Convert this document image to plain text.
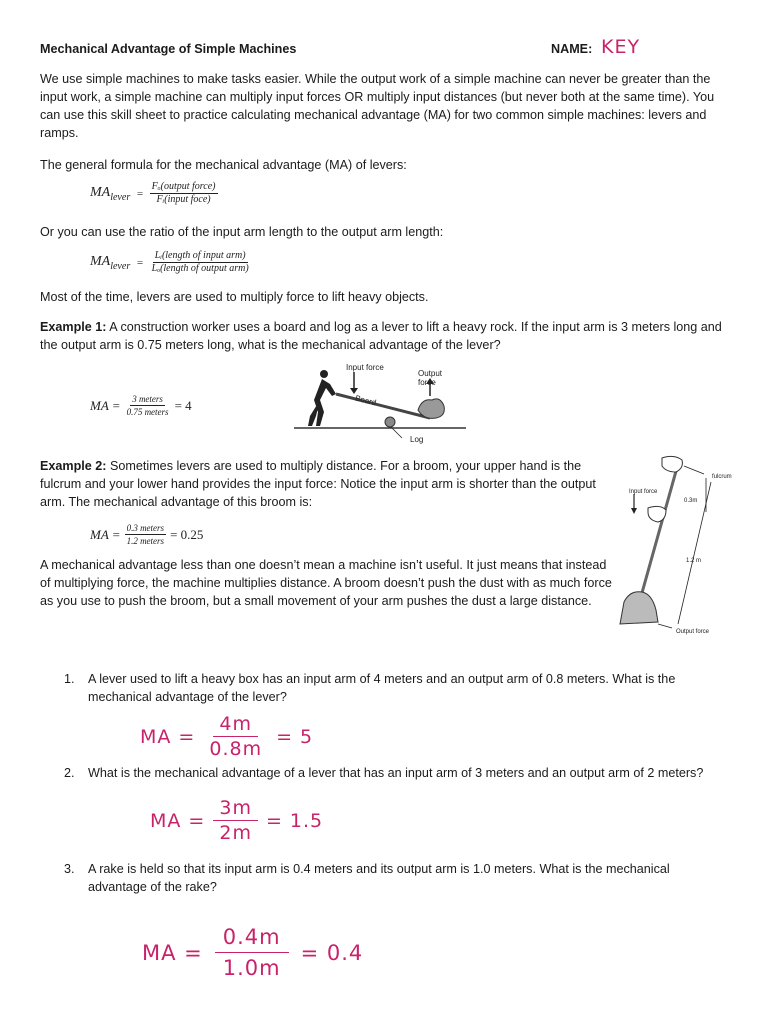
Mechanical Advantage of Simple Machines	NAME: KEY
We use simple machines to make tasks easier. While the output work of a simple machine can never be greater than the input work, a simple machine can multiply input forces OR multiply input distances (but never both at the same time). You can use this skill sheet to practice calculating mechanical advantage (MA) for two common simple machines: levers and ramps.
The general formula for the mechanical advantage (MA) of levers:
$MA_{lever} = \frac{\text{Fₒ(output force)}}{\text{Fᵢ(input foce)}}$
Or you can use the ratio of the input arm length to the output arm length:
$MA_{lever} = \frac{\text{Lᵢ(length of input arm)}}{\text{Lₒ(length of output arm)}}$
Most of the time, levers are used to multiply force to lift heavy objects.
Example 1: A construction worker uses a board and log as a lever to lift a heavy rock. If the input arm is 3 meters long and the output arm is 0.75 meters long, what is the mechanical advantage of the lever?
MA = $\frac{\text{3 meters}}{\text{0.75 meters}} = 4$
Input force
Output force
Board
Log
Example 2: Sometimes levers are used to multiply distance. For a broom, your upper hand is the fulcrum and your lower hand provides the input force: Notice the input arm is shorter than the output arm. The mechanical advantage of this broom is:
MA = $\frac{\text{0.3 meters}}{\text{1.2 meters}} = 0.25$
A mechanical advantage less than one doesn’t mean a machine isn’t useful. It just means that instead of multiplying force, the machine multiplies distance. A broom doesn’t push the dust with as much force as you use to push the broom, but a small movement of your arm pushes the dust a large distance.
fulcrum
Input force
0.3m
1.2 m
Output force
1. A lever used to lift a heavy box has an input arm of 4 meters and an output arm of 0.8 meters. What is the mechanical advantage of the lever?
MA = $\frac{4m}{0.8m} = 5$
2. What is the mechanical advantage of a lever that has an input arm of 3 meters and an output arm of 2 meters?
MA = $\frac{3m}{2m} = 1.5$
3. A rake is held so that its input arm is 0.4 meters and its output arm is 1.0 meters. What is the mechanical advantage of the rake?
MA = $\frac{0.4m}{1.0m} = 0.4$
